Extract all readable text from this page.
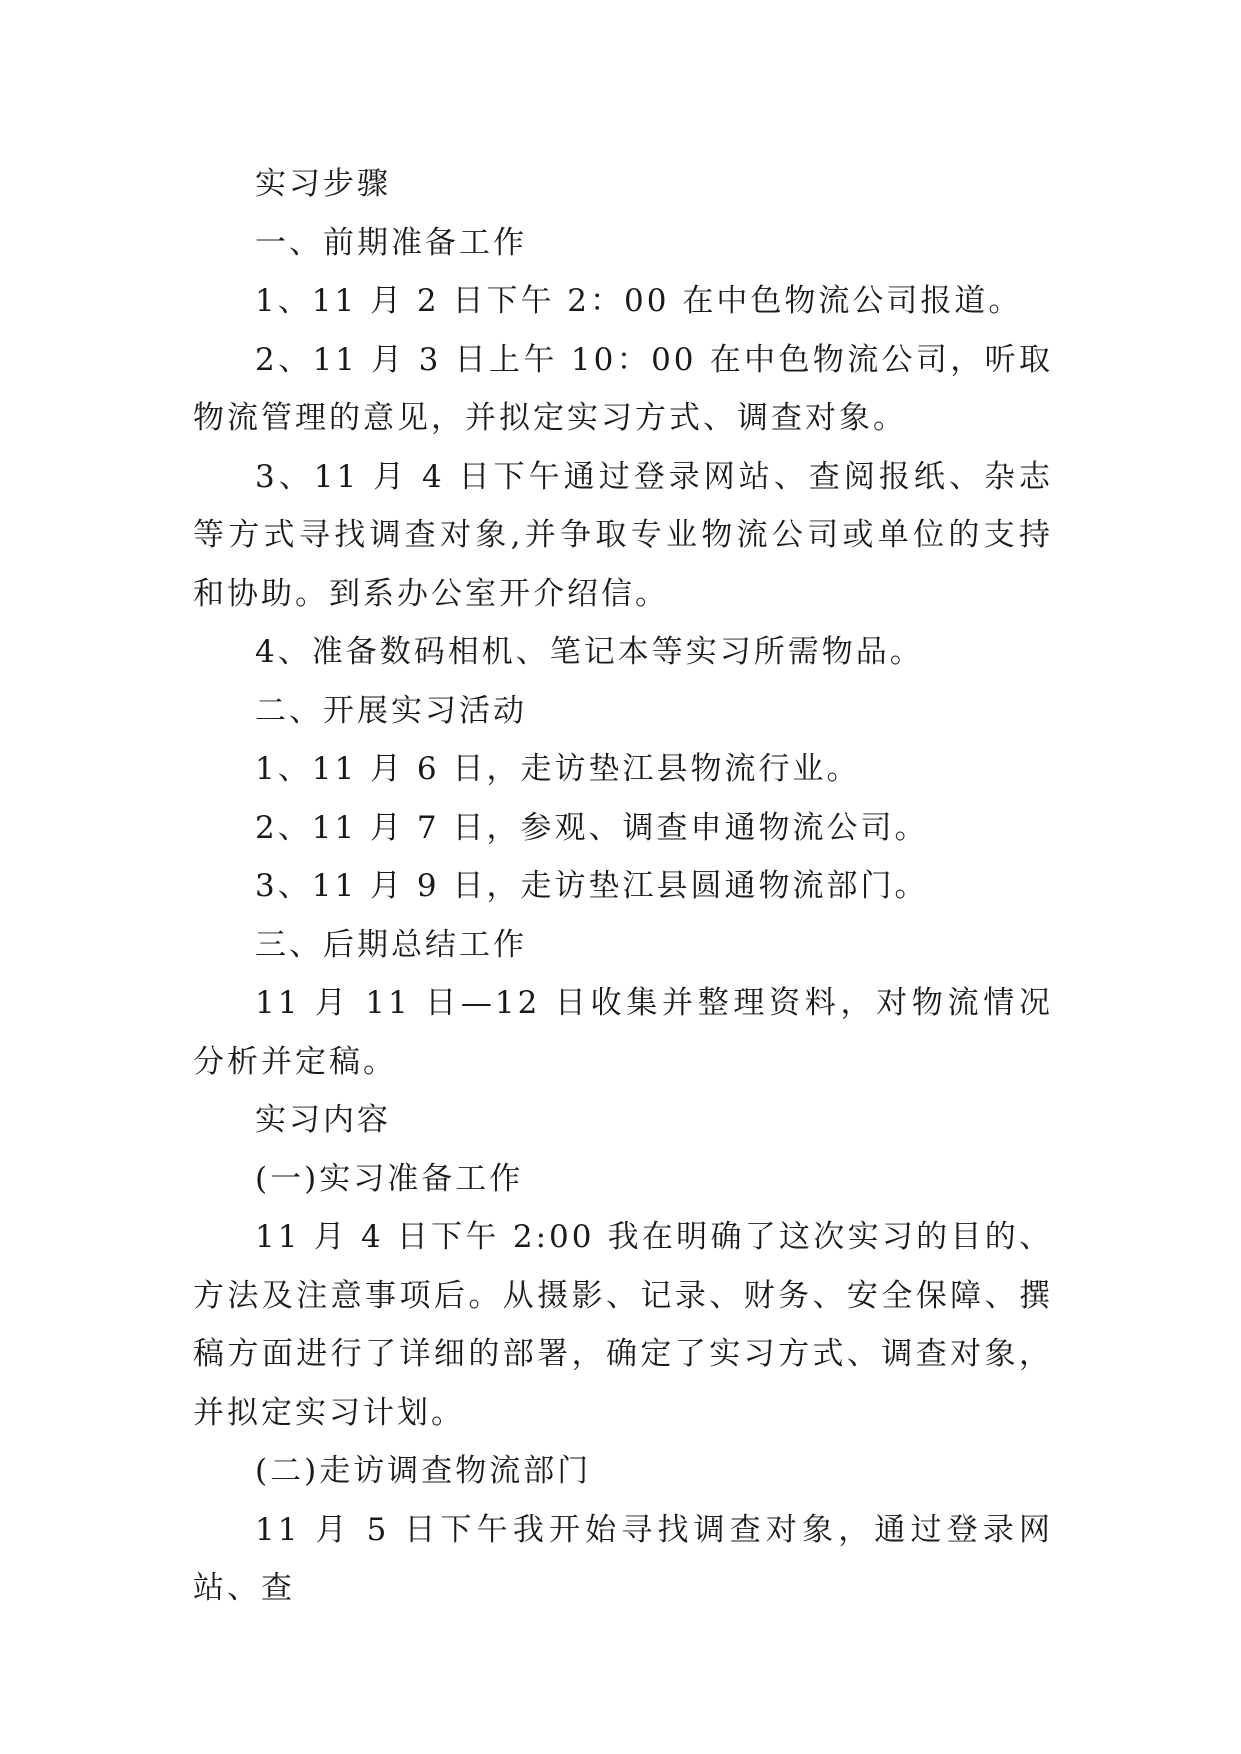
实习步骤

一、前期准备工作

1、11 月 2 日下午 2：00 在中色物流公司报道。

2、11 月 3 日上午 10：00 在中色物流公司，听取物流管理的意见，并拟定实习方式、调查对象。

3、11 月 4 日下午通过登录网站、查阅报纸、杂志等方式寻找调查对象,并争取专业物流公司或单位的支持和协助。到系办公室开介绍信。

4、准备数码相机、笔记本等实习所需物品。

二、开展实习活动

1、11 月 6 日，走访垫江县物流行业。

2、11 月 7 日，参观、调查申通物流公司。

3、11 月 9 日，走访垫江县圆通物流部门。

三、后期总结工作

11 月 11 日—12 日收集并整理资料，对物流情况分析并定稿。

实习内容

(一)实习准备工作

11 月 4 日下午 2:00 我在明确了这次实习的目的、方法及注意事项后。从摄影、记录、财务、安全保障、撰稿方面进行了详细的部署，确定了实习方式、调查对象，并拟定实习计划。

(二)走访调查物流部门

11 月 5 日下午我开始寻找调查对象，通过登录网站、查
